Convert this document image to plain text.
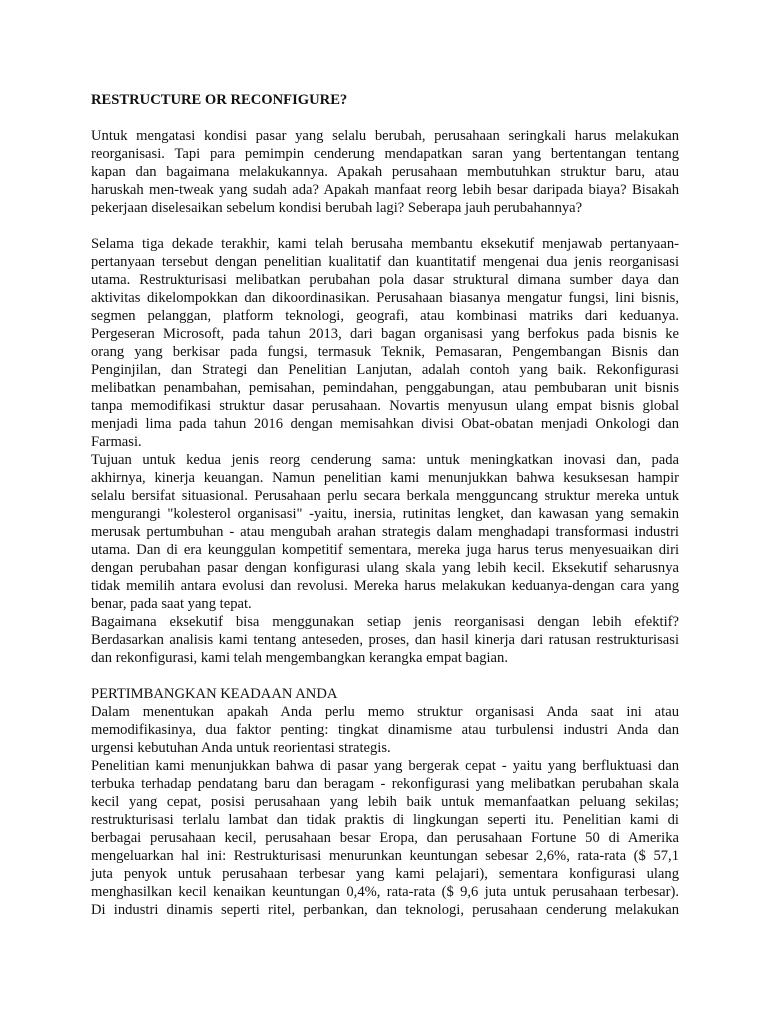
RESTRUCTURE OR RECONFIGURE?
Untuk mengatasi kondisi pasar yang selalu berubah, perusahaan seringkali harus melakukan
reorganisasi. Tapi para pemimpin cenderung mendapatkan saran yang bertentangan tentang
kapan dan bagaimana melakukannya. Apakah perusahaan membutuhkan struktur baru, atau
haruskah men-tweak yang sudah ada? Apakah manfaat reorg lebih besar daripada biaya? Bisakah
pekerjaan diselesaikan sebelum kondisi berubah lagi? Seberapa jauh perubahannya?
Selama tiga dekade terakhir, kami telah berusaha membantu eksekutif menjawab pertanyaan-
pertanyaan tersebut dengan penelitian kualitatif dan kuantitatif mengenai dua jenis reorganisasi
utama. Restrukturisasi melibatkan perubahan pola dasar struktural dimana sumber daya dan
aktivitas dikelompokkan dan dikoordinasikan. Perusahaan biasanya mengatur fungsi, lini bisnis,
segmen pelanggan, platform teknologi, geografi, atau kombinasi matriks dari keduanya.
Pergeseran Microsoft, pada tahun 2013, dari bagan organisasi yang berfokus pada bisnis ke
orang yang berkisar pada fungsi, termasuk Teknik, Pemasaran, Pengembangan Bisnis dan
Penginjilan, dan Strategi dan Penelitian Lanjutan, adalah contoh yang baik. Rekonfigurasi
melibatkan penambahan, pemisahan, pemindahan, penggabungan, atau pembubaran unit bisnis
tanpa memodifikasi struktur dasar perusahaan. Novartis menyusun ulang empat bisnis global
menjadi lima pada tahun 2016 dengan memisahkan divisi Obat-obatan menjadi Onkologi dan
Farmasi.
Tujuan untuk kedua jenis reorg cenderung sama: untuk meningkatkan inovasi dan, pada
akhirnya, kinerja keuangan. Namun penelitian kami menunjukkan bahwa kesuksesan hampir
selalu bersifat situasional. Perusahaan perlu secara berkala mengguncang struktur mereka untuk
mengurangi "kolesterol organisasi" -yaitu, inersia, rutinitas lengket, dan kawasan yang semakin
merusak pertumbuhan - atau mengubah arahan strategis dalam menghadapi transformasi industri
utama. Dan di era keunggulan kompetitif sementara, mereka juga harus terus menyesuaikan diri
dengan perubahan pasar dengan konfigurasi ulang skala yang lebih kecil. Eksekutif seharusnya
tidak memilih antara evolusi dan revolusi. Mereka harus melakukan keduanya-dengan cara yang
benar, pada saat yang tepat.
Bagaimana eksekutif bisa menggunakan setiap jenis reorganisasi dengan lebih efektif?
Berdasarkan analisis kami tentang anteseden, proses, dan hasil kinerja dari ratusan restrukturisasi
dan rekonfigurasi, kami telah mengembangkan kerangka empat bagian.
PERTIMBANGKAN KEADAAN ANDA
Dalam menentukan apakah Anda perlu memo struktur organisasi Anda saat ini atau
memodifikasinya, dua faktor penting: tingkat dinamisme atau turbulensi industri Anda dan
urgensi kebutuhan Anda untuk reorientasi strategis.
Penelitian kami menunjukkan bahwa di pasar yang bergerak cepat - yaitu yang berfluktuasi dan
terbuka terhadap pendatang baru dan beragam - rekonfigurasi yang melibatkan perubahan skala
kecil yang cepat, posisi perusahaan yang lebih baik untuk memanfaatkan peluang sekilas;
restrukturisasi terlalu lambat dan tidak praktis di lingkungan seperti itu. Penelitian kami di
berbagai perusahaan kecil, perusahaan besar Eropa, dan perusahaan Fortune 50 di Amerika
mengeluarkan hal ini: Restrukturisasi menurunkan keuntungan sebesar 2,6%, rata-rata ($ 57,1
juta penyok untuk perusahaan terbesar yang kami pelajari), sementara konfigurasi ulang
menghasilkan kecil kenaikan keuntungan 0,4%, rata-rata ($ 9,6 juta untuk perusahaan terbesar).
Di industri dinamis seperti ritel, perbankan, dan teknologi, perusahaan cenderung melakukan
